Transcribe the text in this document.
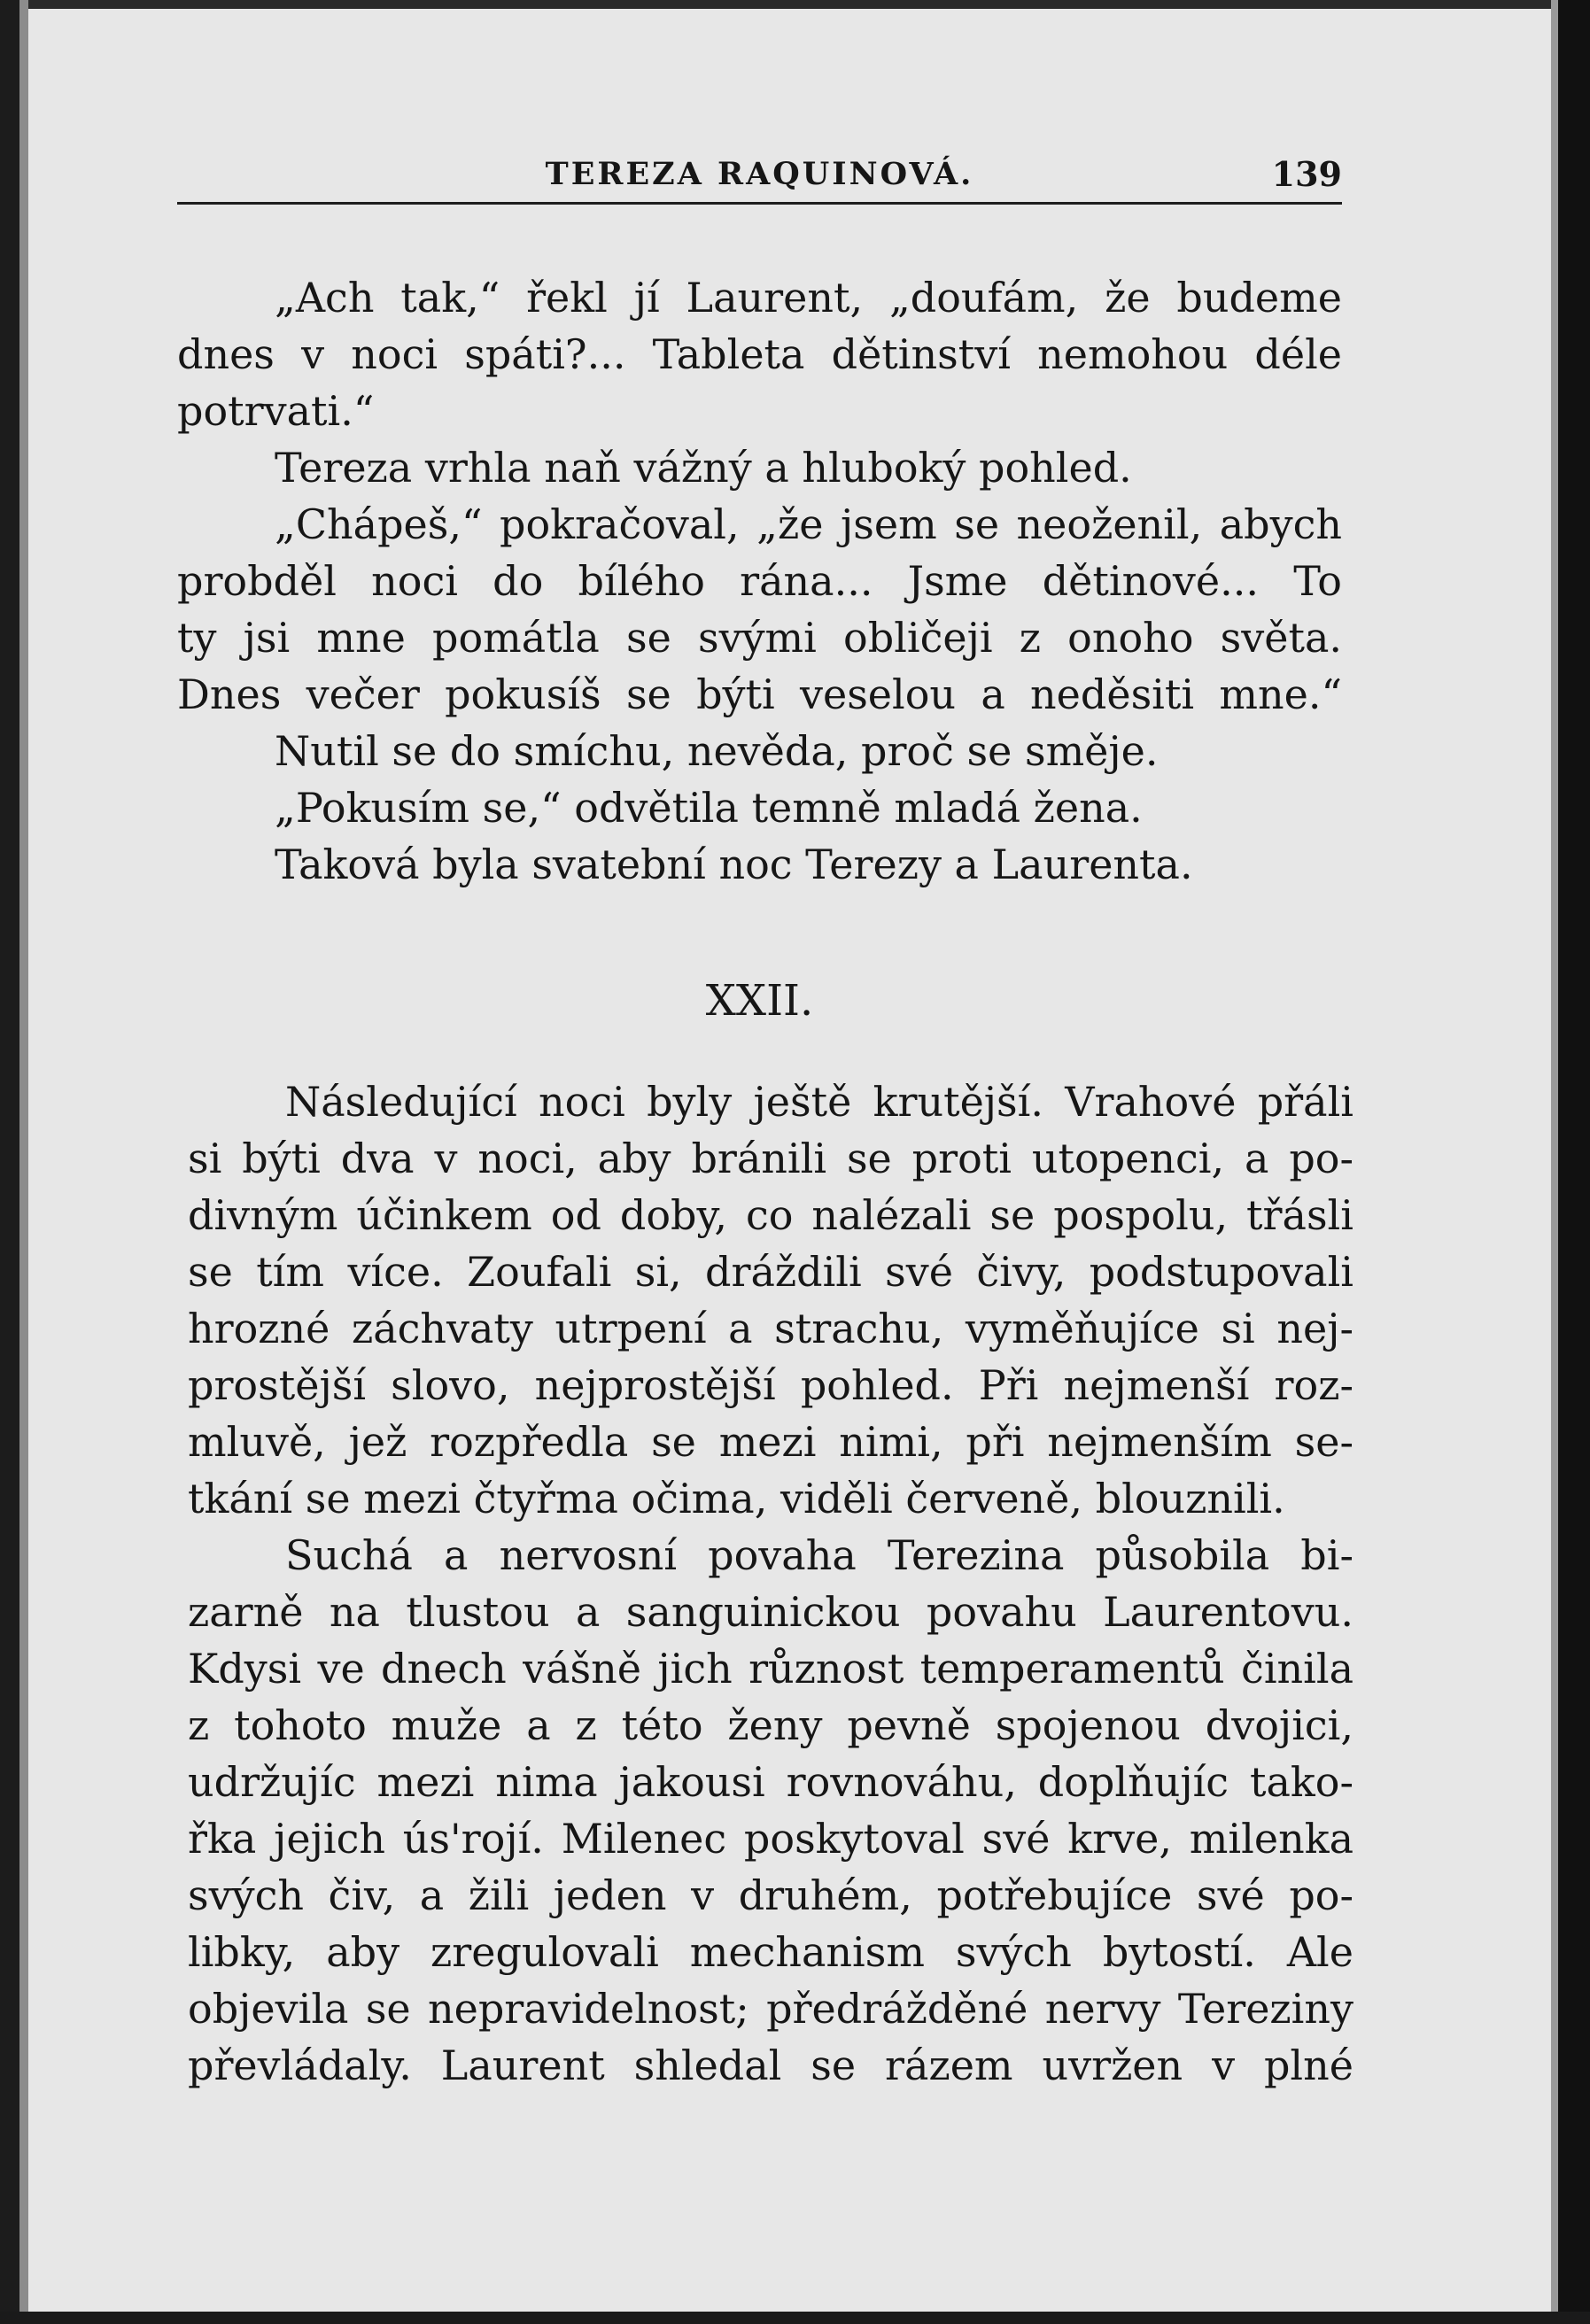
TEREZA RAQUINOVÁ.	139
„Ach tak,“ řekl jí Laurent, „doufám, že budeme
dnes v noci spáti?... Tableta dětinství nemohou déle
potrvati.“
Tereza vrhla naň vážný a hluboký pohled.
„Chápeš,“ pokračoval, „že jsem se neoženil, abych
probděl noci do bílého rána... Jsme dětinové... To
ty jsi mne pomátla se svými obličeji z onoho světa.
Dnes večer pokusíš se býti veselou a neděsiti mne.“
Nutil se do smíchu, nevěda, proč se směje.
„Pokusím se,“ odvětila temně mladá žena.
Taková byla svatební noc Terezy a Laurenta.
XXII.
Následující noci byly ještě krutější. Vrahové přáli
si býti dva v noci, aby bránili se proti utopenci, a po-
divným účinkem od doby, co nalézali se pospolu, třásli
se tím více. Zoufali si, dráždili své čivy, podstupovali
hrozné záchvaty utrpení a strachu, vyměňujíce si nej-
prostější slovo, nejprostější pohled. Při nejmenší roz-
mluvě, jež rozpředla se mezi nimi, při nejmenším se-
tkání se mezi čtyřma očima, viděli červeně, blouznili.
Suchá a nervosní povaha Terezina působila bi-
zarně na tlustou a sanguinickou povahu Laurentovu.
Kdysi ve dnech vášně jich různost temperamentů činila
z tohoto muže a z této ženy pevně spojenou dvojici,
udržujíc mezi nima jakousi rovnováhu, doplňujíc tako-
řka jejich ús'rojí. Milenec poskytoval své krve, milenka
svých čiv, a žili jeden v druhém, potřebujíce své po-
libky, aby zregulovali mechanism svých bytostí. Ale
objevila se nepravidelnost; předrážděné nervy Tereziny
převládaly. Laurent shledal se rázem uvržen v plné
